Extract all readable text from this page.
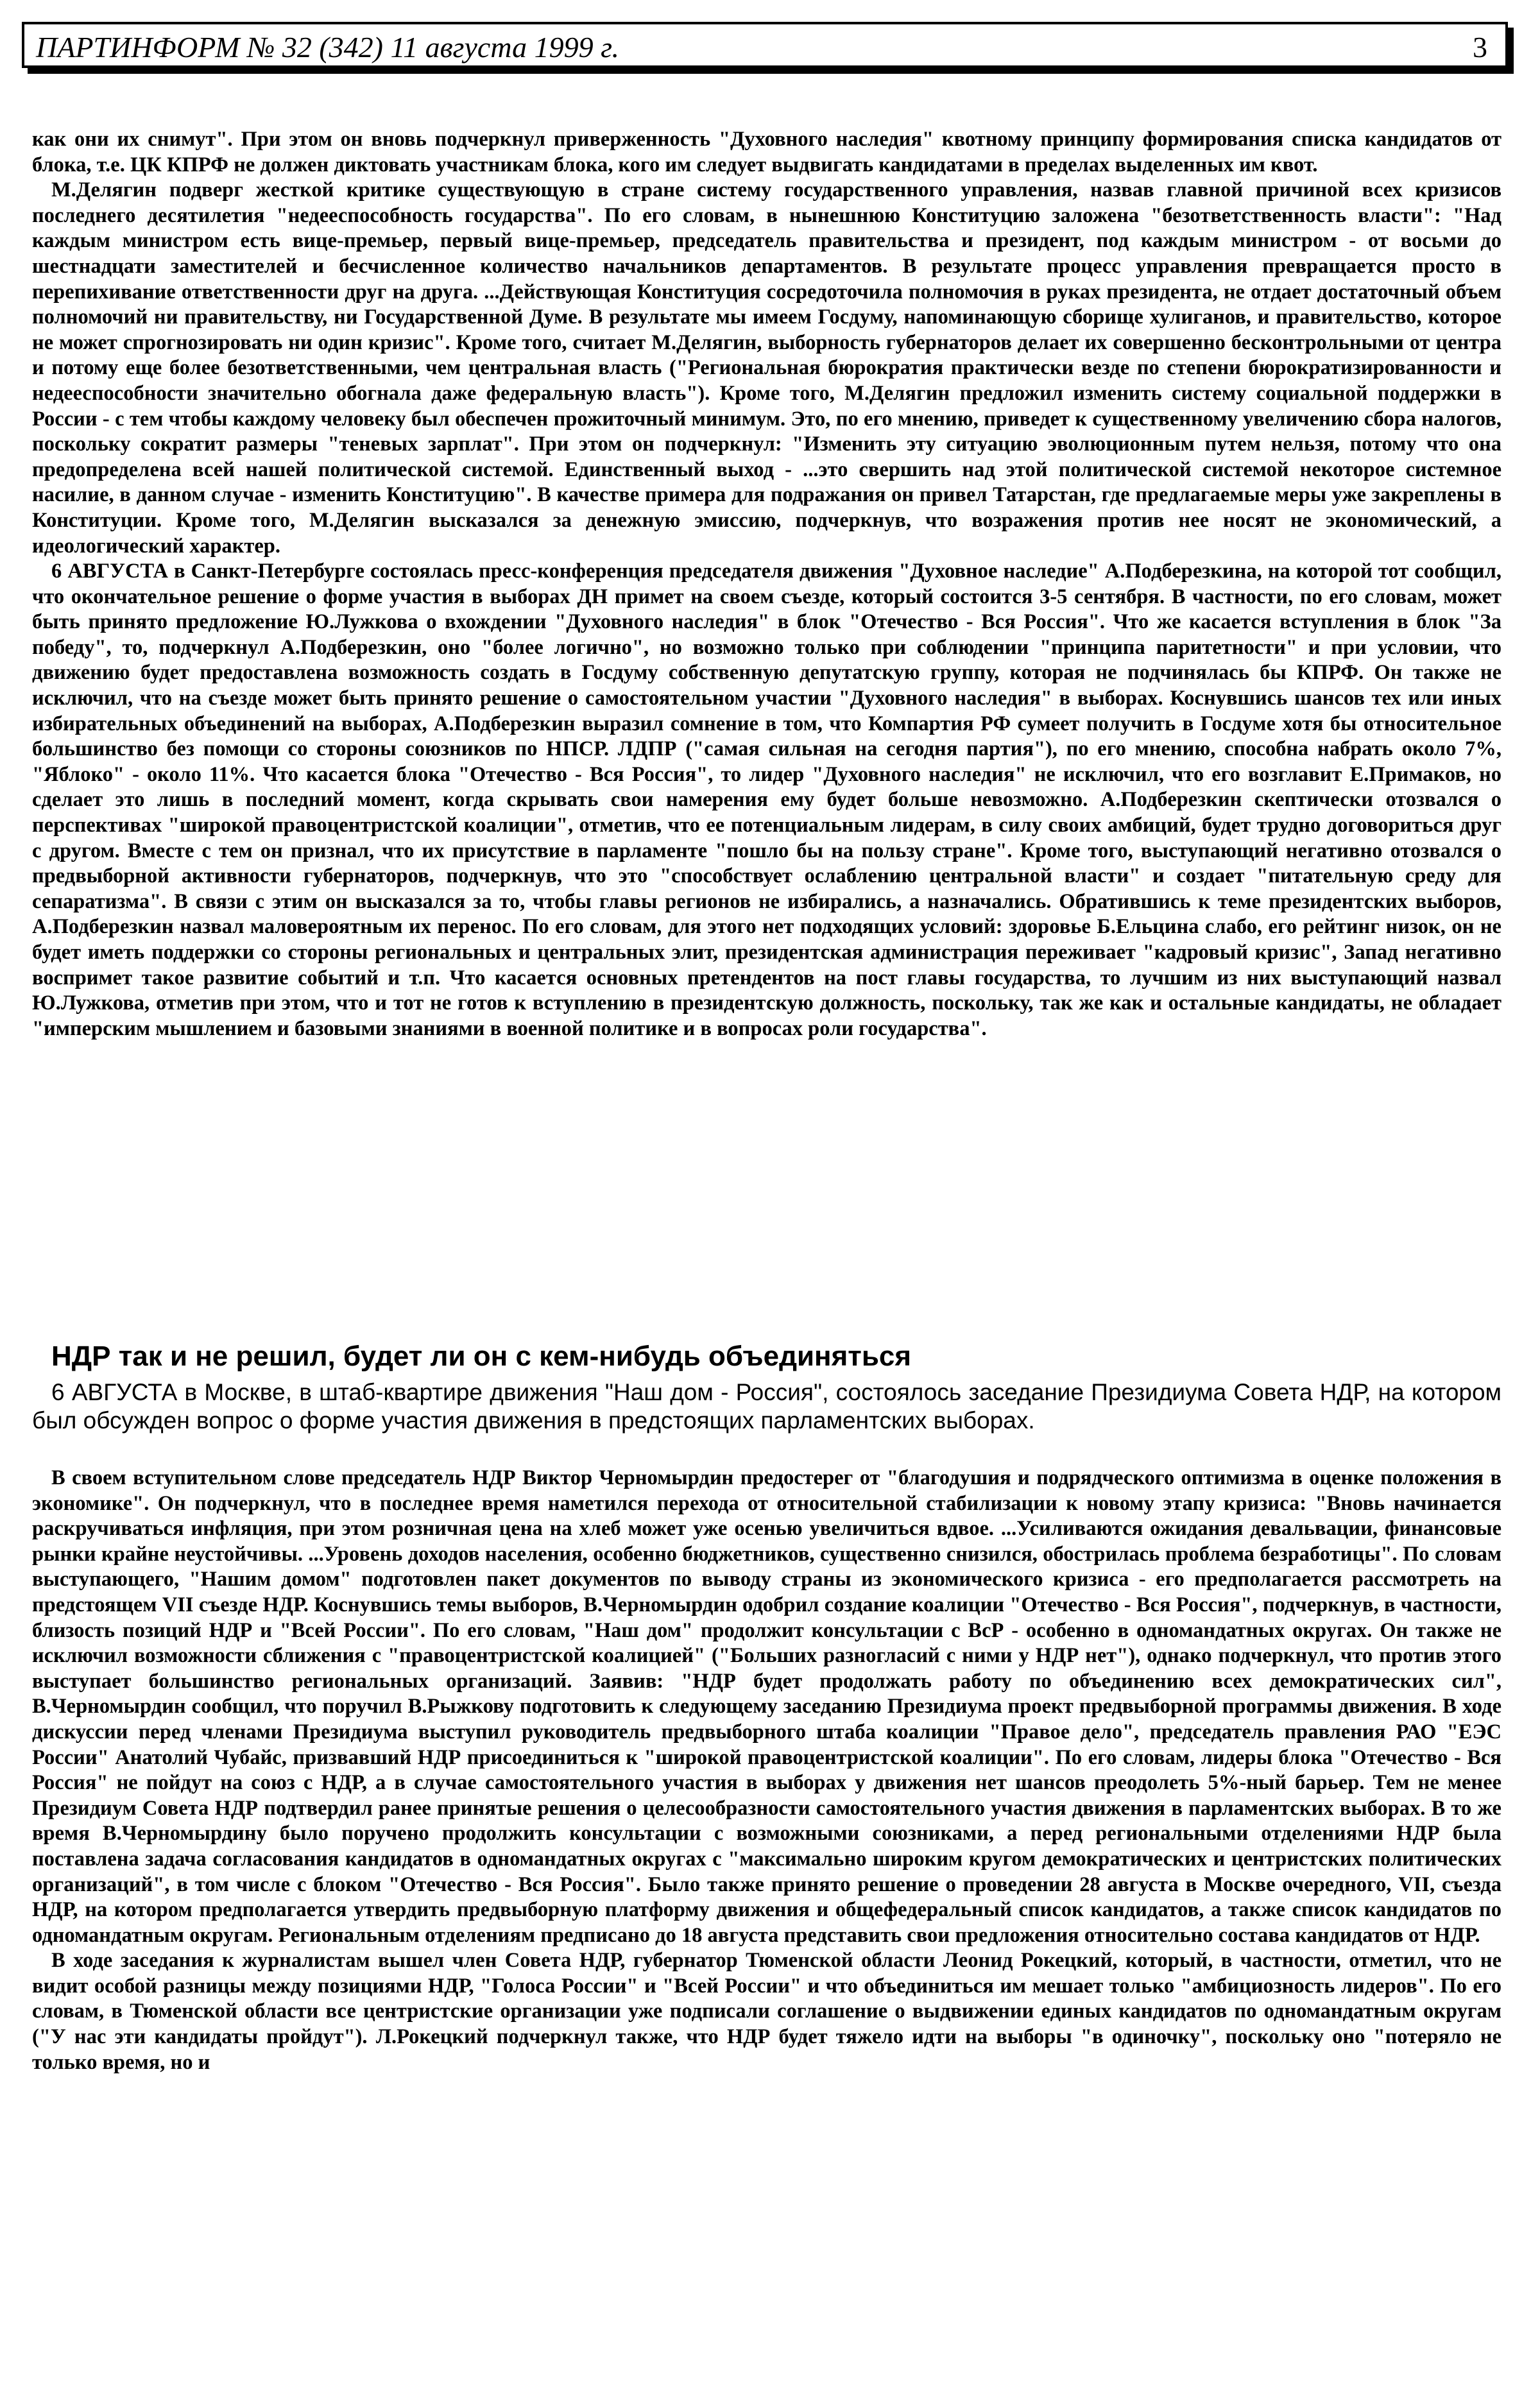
ПАРТИНФОРМ № 32 (342) 11 августа 1999 г.	3

как они их снимут". При этом он вновь подчеркнул приверженность "Духовного наследия" квотному принципу формирования списка кандидатов от блока, т.е. ЦК КПРФ не должен диктовать участникам блока, кого им следует выдвигать кандидатами в пределах выделенных им квот.

М.Делягин подверг жесткой критике существующую в стране систему государственного управления, назвав главной причиной всех кризисов последнего десятилетия "недееспособность государства". По его словам, в нынешнюю Конституцию заложена "безответственность власти": "Над каждым министром есть вице-премьер, первый вице-премьер, председатель правительства и президент, под каждым министром - от восьми до шестнадцати заместителей и бесчисленное количество начальников департаментов. В результате процесс управления превращается просто в перепихивание ответственности друг на друга. ...Действующая Конституция сосредоточила полномочия в руках президента, не отдает достаточный объем полномочий ни правительству, ни Государственной Думе. В результате мы имеем Госдуму, напоминающую сборище хулиганов, и правительство, которое не может спрогнозировать ни один кризис". Кроме того, считает М.Делягин, выборность губернаторов делает их совершенно бесконтрольными от центра и потому еще более безответственными, чем центральная власть ("Региональная бюрократия практически везде по степени бюрократизированности и недееспособности значительно обогнала даже федеральную власть"). Кроме того, М.Делягин предложил изменить систему социальной поддержки в России - с тем чтобы каждому человеку был обеспечен прожиточный минимум. Это, по его мнению, приведет к существенному увеличению сбора налогов, поскольку сократит размеры "теневых зарплат". При этом он подчеркнул: "Изменить эту ситуацию эволюционным путем нельзя, потому что она предопределена всей нашей политической системой. Единственный выход - ...это свершить над этой политической системой некоторое системное насилие, в данном случае - изменить Конституцию". В качестве примера для подражания он привел Татарстан, где предлагаемые меры уже закреплены в Конституции. Кроме того, М.Делягин высказался за денежную эмиссию, подчеркнув, что возражения против нее носят не экономический, а идеологический характер.

6 АВГУСТА в Санкт-Петербурге состоялась пресс-конференция председателя движения "Духовное наследие" А.Подберезкина, на которой тот сообщил, что окончательное решение о форме участия в выборах ДН примет на своем съезде, который состоится 3-5 сентября. В частности, по его словам, может быть принято предложение Ю.Лужкова о вхождении "Духовного наследия" в блок "Отечество - Вся Россия". Что же касается вступления в блок "За победу", то, подчеркнул А.Подберезкин, оно "более логично", но возможно только при соблюдении "принципа паритетности" и при условии, что движению будет предоставлена возможность создать в Госдуму собственную депутатскую группу, которая не подчинялась бы КПРФ. Он также не исключил, что на съезде может быть принято решение о самостоятельном участии "Духовного наследия" в выборах. Коснувшись шансов тех или иных избирательных объединений на выборах, А.Подберезкин выразил сомнение в том, что Компартия РФ сумеет получить в Госдуме хотя бы относительное большинство без помощи со стороны союзников по НПСР. ЛДПР ("самая сильная на сегодня партия"), по его мнению, способна набрать около 7%, "Яблоко" - около 11%. Что касается блока "Отечество - Вся Россия", то лидер "Духовного наследия" не исключил, что его возглавит Е.Примаков, но сделает это лишь в последний момент, когда скрывать свои намерения ему будет больше невозможно. А.Подберезкин скептически отозвался о перспективах "широкой правоцентристской коалиции", отметив, что ее потенциальным лидерам, в силу своих амбиций, будет трудно договориться друг с другом. Вместе с тем он признал, что их присутствие в парламенте "пошло бы на пользу стране". Кроме того, выступающий негативно отозвался о предвыборной активности губернаторов, подчеркнув, что это "способствует ослаблению центральной власти" и создает "питательную среду для сепаратизма". В связи с этим он высказался за то, чтобы главы регионов не избирались, а назначались. Обратившись к теме президентских выборов, А.Подберезкин назвал маловероятным их перенос. По его словам, для этого нет подходящих условий: здоровье Б.Ельцина слабо, его рейтинг низок, он не будет иметь поддержки со стороны региональных и центральных элит, президентская администрация переживает "кадровый кризис", Запад негативно воспримет такое развитие событий и т.п. Что касается основных претендентов на пост главы государства, то лучшим из них выступающий назвал Ю.Лужкова, отметив при этом, что и тот не готов к вступлению в президентскую должность, поскольку, так же как и остальные кандидаты, не обладает "имперским мышлением и базовыми знаниями в военной политике и в вопросах роли государства".

НДР так и не решил, будет ли он с кем-нибудь объединяться
6 АВГУСТА в Москве, в штаб-квартире движения "Наш дом - Россия", состоялось заседание Президиума Совета НДР, на котором был обсужден вопрос о форме участия движения в предстоящих парламентских выборах.

В своем вступительном слове председатель НДР Виктор Черномырдин предостерег от "благодушия и подрядческого оптимизма в оценке положения в экономике". Он подчеркнул, что в последнее время наметился перехода от относительной стабилизации к новому этапу кризиса: "Вновь начинается раскручиваться инфляция, при этом розничная цена на хлеб может уже осенью увеличиться вдвое. ...Усиливаются ожидания девальвации, финансовые рынки крайне неустойчивы. ...Уровень доходов населения, особенно бюджетников, существенно снизился, обострилась проблема безработицы". По словам выступающего, "Нашим домом" подготовлен пакет документов по выводу страны из экономического кризиса - его предполагается рассмотреть на предстоящем VII съезде НДР. Коснувшись темы выборов, В.Черномырдин одобрил создание коалиции "Отечество - Вся Россия", подчеркнув, в частности, близость позиций НДР и "Всей России". По его словам, "Наш дом" продолжит консультации с ВсР - особенно в одномандатных округах. Он также не исключил возможности сближения с "правоцентристской коалицией" ("Больших разногласий с ними у НДР нет"), однако подчеркнул, что против этого выступает большинство региональных организаций. Заявив: "НДР будет продолжать работу по объединению всех демократических сил", В.Черномырдин сообщил, что поручил В.Рыжкову подготовить к следующему заседанию Президиума проект предвыборной программы движения. В ходе дискуссии перед членами Президиума выступил руководитель предвыборного штаба коалиции "Правое дело", председатель правления РАО "ЕЭС России" Анатолий Чубайс, призвавший НДР присоединиться к "широкой правоцентристской коалиции". По его словам, лидеры блока "Отечество - Вся Россия" не пойдут на союз с НДР, а в случае самостоятельного участия в выборах у движения нет шансов преодолеть 5%-ный барьер. Тем не менее Президиум Совета НДР подтвердил ранее принятые решения о целесообразности самостоятельного участия движения в парламентских выборах. В то же время В.Черномырдину было поручено продолжить консультации с возможными союзниками, а перед региональными отделениями НДР была поставлена задача согласования кандидатов в одномандатных округах с "максимально широким кругом демократических и центристских политических организаций", в том числе с блоком "Отечество - Вся Россия". Было также принято решение о проведении 28 августа в Москве очередного, VII, съезда НДР, на котором предполагается утвердить предвыборную платформу движения и общефедеральный список кандидатов, а также список кандидатов по одномандатным округам. Региональным отделениям предписано до 18 августа представить свои предложения относительно состава кандидатов от НДР.

В ходе заседания к журналистам вышел член Совета НДР, губернатор Тюменской области Леонид Рокецкий, который, в частности, отметил, что не видит особой разницы между позициями НДР, "Голоса России" и "Всей России" и что объединиться им мешает только "амбициозность лидеров". По его словам, в Тюменской области все центристские организации уже подписали соглашение о выдвижении единых кандидатов по одномандатным округам ("У нас эти кандидаты пройдут"). Л.Рокецкий подчеркнул также, что НДР будет тяжело идти на выборы "в одиночку", поскольку оно "потеряло не только время, но и
